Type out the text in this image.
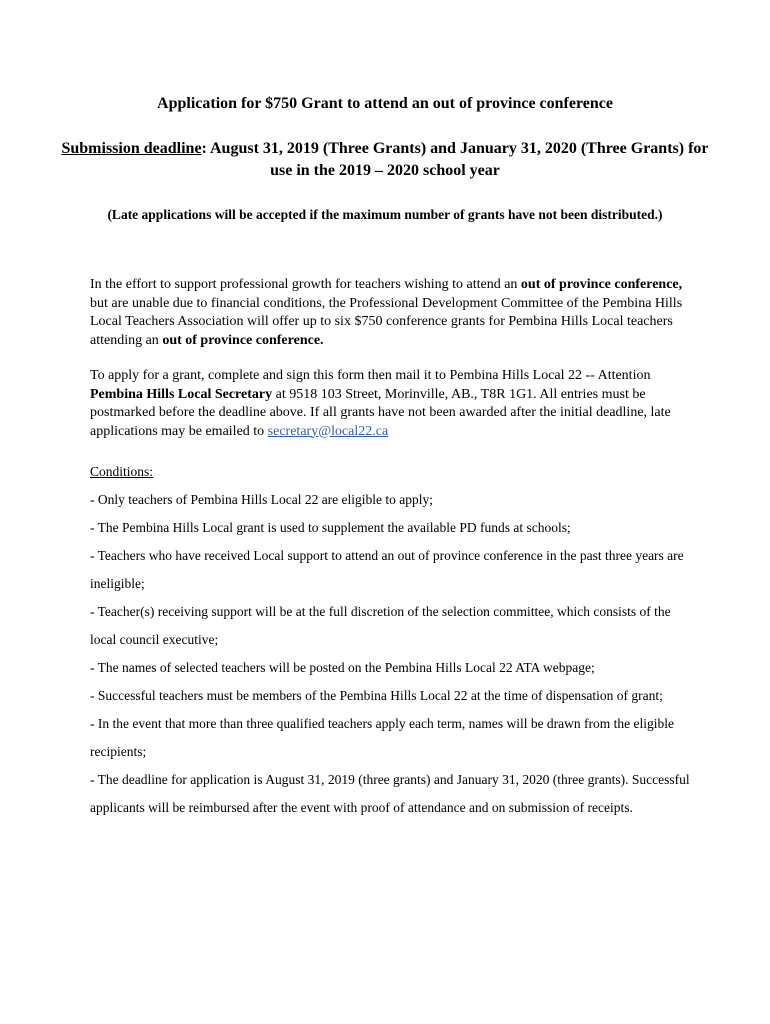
Application for $750 Grant to attend an out of province conference

Submission deadline: August 31, 2019 (Three Grants) and January 31, 2020 (Three Grants) for use in the 2019 – 2020 school year

(Late applications will be accepted if the maximum number of grants have not been distributed.)

In the effort to support professional growth for teachers wishing to attend an out of province conference, but are unable due to financial conditions, the Professional Development Committee of the Pembina Hills Local Teachers Association will offer up to six $750 conference grants for Pembina Hills Local teachers attending an out of province conference.

To apply for a grant, complete and sign this form then mail it to Pembina Hills Local 22 -- Attention Pembina Hills Local Secretary at 9518 103 Street, Morinville, AB., T8R 1G1. All entries must be postmarked before the deadline above. If all grants have not been awarded after the initial deadline, late applications may be emailed to secretary@local22.ca

Conditions:
- Only teachers of Pembina Hills Local 22 are eligible to apply;
- The Pembina Hills Local grant is used to supplement the available PD funds at schools;
- Teachers who have received Local support to attend an out of province conference in the past three years are ineligible;
- Teacher(s) receiving support will be at the full discretion of the selection committee, which consists of the local council executive;
- The names of selected teachers will be posted on the Pembina Hills Local 22 ATA webpage;
- Successful teachers must be members of the Pembina Hills Local 22 at the time of dispensation of grant;
- In the event that more than three qualified teachers apply each term, names will be drawn from the eligible recipients;
- The deadline for application is August 31, 2019 (three grants) and January 31, 2020 (three grants). Successful applicants will be reimbursed after the event with proof of attendance and on submission of receipts.
